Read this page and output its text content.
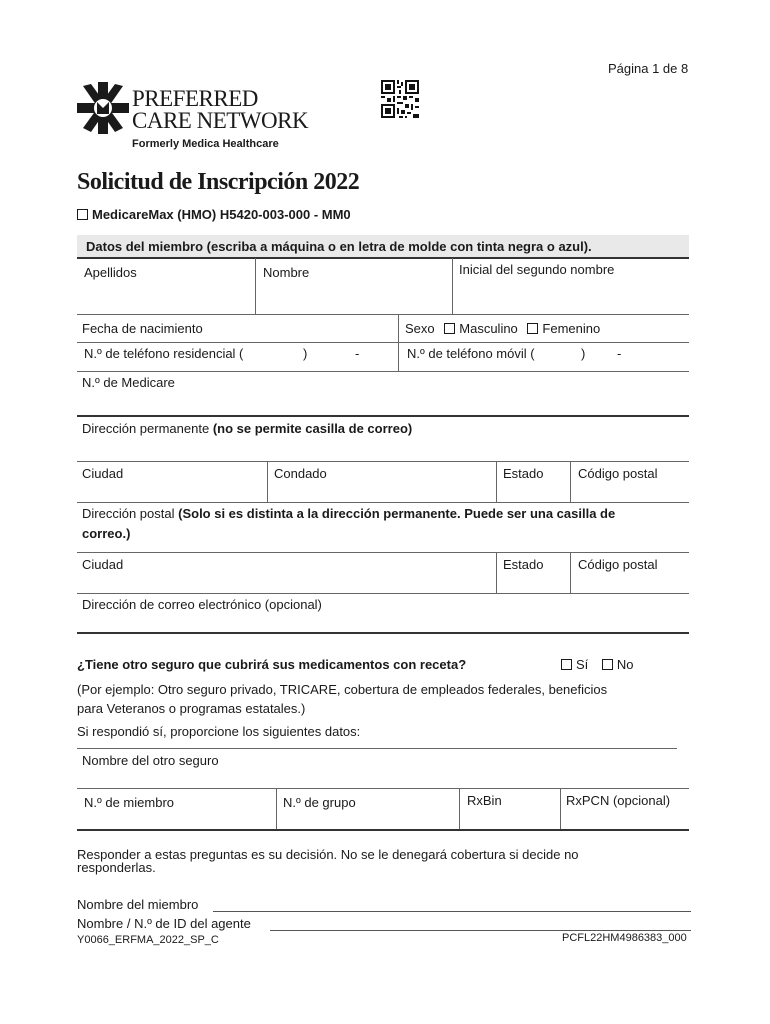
Página 1 de 8
PREFERRED
CARE NETWORK
Formerly Medica Healthcare
Solicitud de Inscripción 2022
MedicareMax (HMO) H5420-003-000 - MM0
Datos del miembro (escriba a máquina o en letra de molde con tinta negra o azul).
Apellidos	Nombre	Inicial del segundo nombre
Fecha de nacimiento	Sexo Masculino Femenino
N.º de teléfono residencial (	)	-	N.º de teléfono móvil (	) -
N.º de Medicare
Dirección permanente (no se permite casilla de correo)
Ciudad	Condado	Estado	Código postal
Dirección postal (Solo si es distinta a la dirección permanente. Puede ser una casilla de
correo.)
Ciudad	Estado	Código postal
Dirección de correo electrónico (opcional)
¿Tiene otro seguro que cubrirá sus medicamentos con receta?	Sí No
(Por ejemplo: Otro seguro privado, TRICARE, cobertura de empleados federales, beneficios
para Veteranos o programas estatales.)
Si respondió sí, proporcione los siguientes datos:
Nombre del otro seguro
N.º de miembro	N.º de grupo	RxBin	RxPCN (opcional)
Responder a estas preguntas es su decisión. No se le denegará cobertura si decide no
responderlas.
Nombre del miembro
Nombre / N.º de ID del agente
Y0066_ERFMA_2022_SP_C	PCFL22HM4986383_000
